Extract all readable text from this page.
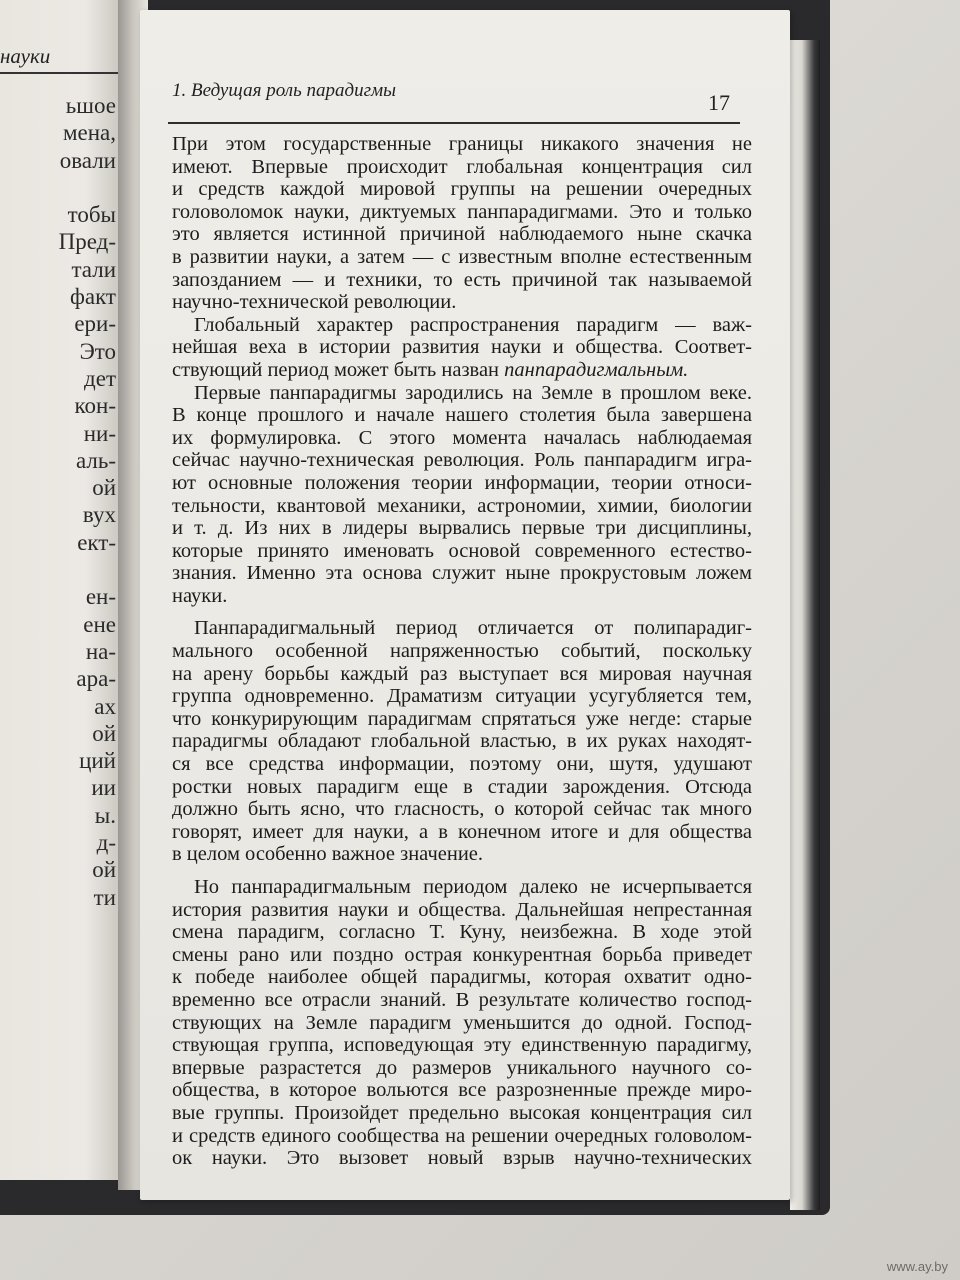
науки
ьшое
мена,
овали

тобы
Пред-
тали
факт
ери-
Это
дет
кон-
ни-
аль-
ой
вух
ект-

ен-
ене
на-
ара-
ах
ой
ций
ии
ы.
д-
ой
ти
1. Ведущая роль парадигмы	17
При этом государственные границы никакого значения не
имеют. Впервые происходит глобальная концентрация сил
и средств каждой мировой группы на решении очередных
головоломок науки, диктуемых панпарадигмами. Это и только
это является истинной причиной наблюдаемого ныне скачка
в развитии науки, а затем — с известным вполне естественным
запозданием — и техники, то есть причиной так называемой
научно-технической революции.
Глобальный характер распространения парадигм — важ-
нейшая веха в истории развития науки и общества. Соответ-
ствующий период может быть назван панпарадигмальным.
Первые панпарадигмы зародились на Земле в прошлом веке.
В конце прошлого и начале нашего столетия была завершена
их формулировка. С этого момента началась наблюдаемая
сейчас научно-техническая революция. Роль панпарадигм игра-
ют основные положения теории информации, теории относи-
тельности, квантовой механики, астрономии, химии, биологии
и т. д. Из них в лидеры вырвались первые три дисциплины,
которые принято именовать основой современного естество-
знания. Именно эта основа служит ныне прокрустовым ложем
науки.
Панпарадигмальный период отличается от полипарадиг-
мального особенной напряженностью событий, поскольку
на арену борьбы каждый раз выступает вся мировая научная
группа одновременно. Драматизм ситуации усугубляется тем,
что конкурирующим парадигмам спрятаться уже негде: старые
парадигмы обладают глобальной властью, в их руках находят-
ся все средства информации, поэтому они, шутя, удушают
ростки новых парадигм еще в стадии зарождения. Отсюда
должно быть ясно, что гласность, о которой сейчас так много
говорят, имеет для науки, а в конечном итоге и для общества
в целом особенно важное значение.
Но панпарадигмальным периодом далеко не исчерпывается
история развития науки и общества. Дальнейшая непрестанная
смена парадигм, согласно Т. Куну, неизбежна. В ходе этой
смены рано или поздно острая конкурентная борьба приведет
к победе наиболее общей парадигмы, которая охватит одно-
временно все отрасли знаний. В результате количество господ-
ствующих на Земле парадигм уменьшится до одной. Господ-
ствующая группа, исповедующая эту единственную парадигму,
впервые разрастется до размеров уникального научного со-
общества, в которое вольются все разрозненные прежде миро-
вые группы. Произойдет предельно высокая концентрация сил
и средств единого сообщества на решении очередных головолом-
ок науки. Это вызовет новый взрыв научно-технических
www.ay.by
